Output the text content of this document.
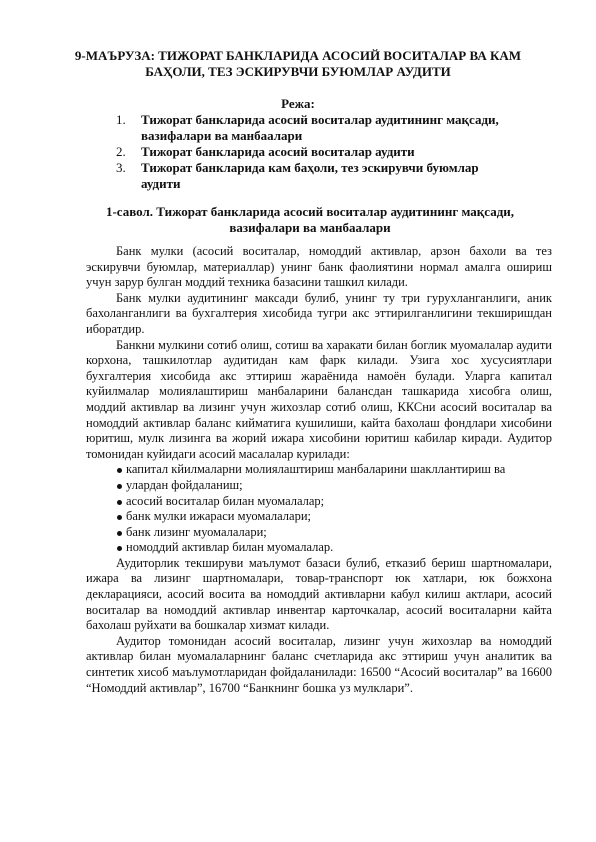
9-МАЪРУЗА: ТИЖОРАТ БАНКЛАРИДА АСОСИЙ ВОСИТАЛАР ВА КАМ БАҲОЛИ, ТЕЗ ЭСКИРУВЧИ БУЮМЛАР АУДИТИ
Режа:
1. Тижорат банкларида асосий воситалар аудитининг мақсади, вазифалари ва манбаалари
2. Тижорат банкларида асосий воситалар аудити
3. Тижорат банкларида кам баҳоли, тез эскирувчи буюмлар аудити
1-савол. Тижорат банкларида асосий воситалар аудитининг мақсади, вазифалари ва манбаалари

Банк мулки (асосий воситалар, номоддий активлар, арзон бахоли ва тез эскирувчи буюмлар, материаллар) унинг банк фаолиятини нормал амалга ошириш учун зарур булган моддий техника базасини ташкил килади.

Банк мулки аудитининг максади булиб, унинг ту три гурухланганлиги, аник бахоланганлиги ва бухгалтерия хисобида тугри акс эттирилганлигини текширишдан иборатдир.

Банкни мулкини сотиб олиш, сотиш ва харакати билан боглик муомалалар аудити корхона, ташкилотлар аудитидан кам фарк килади. Узига хос хусусиятлари бухгалтерия хисобида акс эттириш жараёнида намоён булади. Уларга капитал куйилмалар молиялаштириш манбаларини балансдан ташкарида хисобга олиш, моддий активлар ва лизинг учун жихозлар сотиб олиш, ККСни асосий воситалар ва номоддий активлар баланс кийматига кушилиши, кайта бахолаш фондлари хисобини юритиш, мулк лизинга ва жорий ижара хисобини юритиш кабилар киради. Аудитор томонидан куйидаги асосий масалалар курилади:

капитал кйилмаларни молиялаштириш манбаларини шакллантириш ва
улардан фойдаланиш;
асосий воситалар билан муомалалар;
банк мулки ижараси муомалалари;
банк лизинг муомалалари;
номоддий активлар билан муомалалар.

Аудиторлик текшируви маълумот базаси булиб, етказиб бериш шартномалари, ижара ва лизинг шартномалари, товар-транспорт юк хатлари, юк божхона декларацияси, асосий восита ва номоддий активларни кабул килиш актлари, асосий воситалар ва номоддий активлар инвентар карточкалар, асосий воситаларни кайта бахолаш руйхати ва бошкалар хизмат килади.

Аудитор томонидан асосий воситалар, лизинг учун жихозлар ва номоддий активлар билан муомалаларнинг баланс счетларида акс эттириш учун аналитик ва синтетик хисоб маълумотларидан фойдаланилади: 16500 “Асосий воситалар” ва 16600 “Номоддий активлар”, 16700 “Банкнинг бошка уз мулклари”.
